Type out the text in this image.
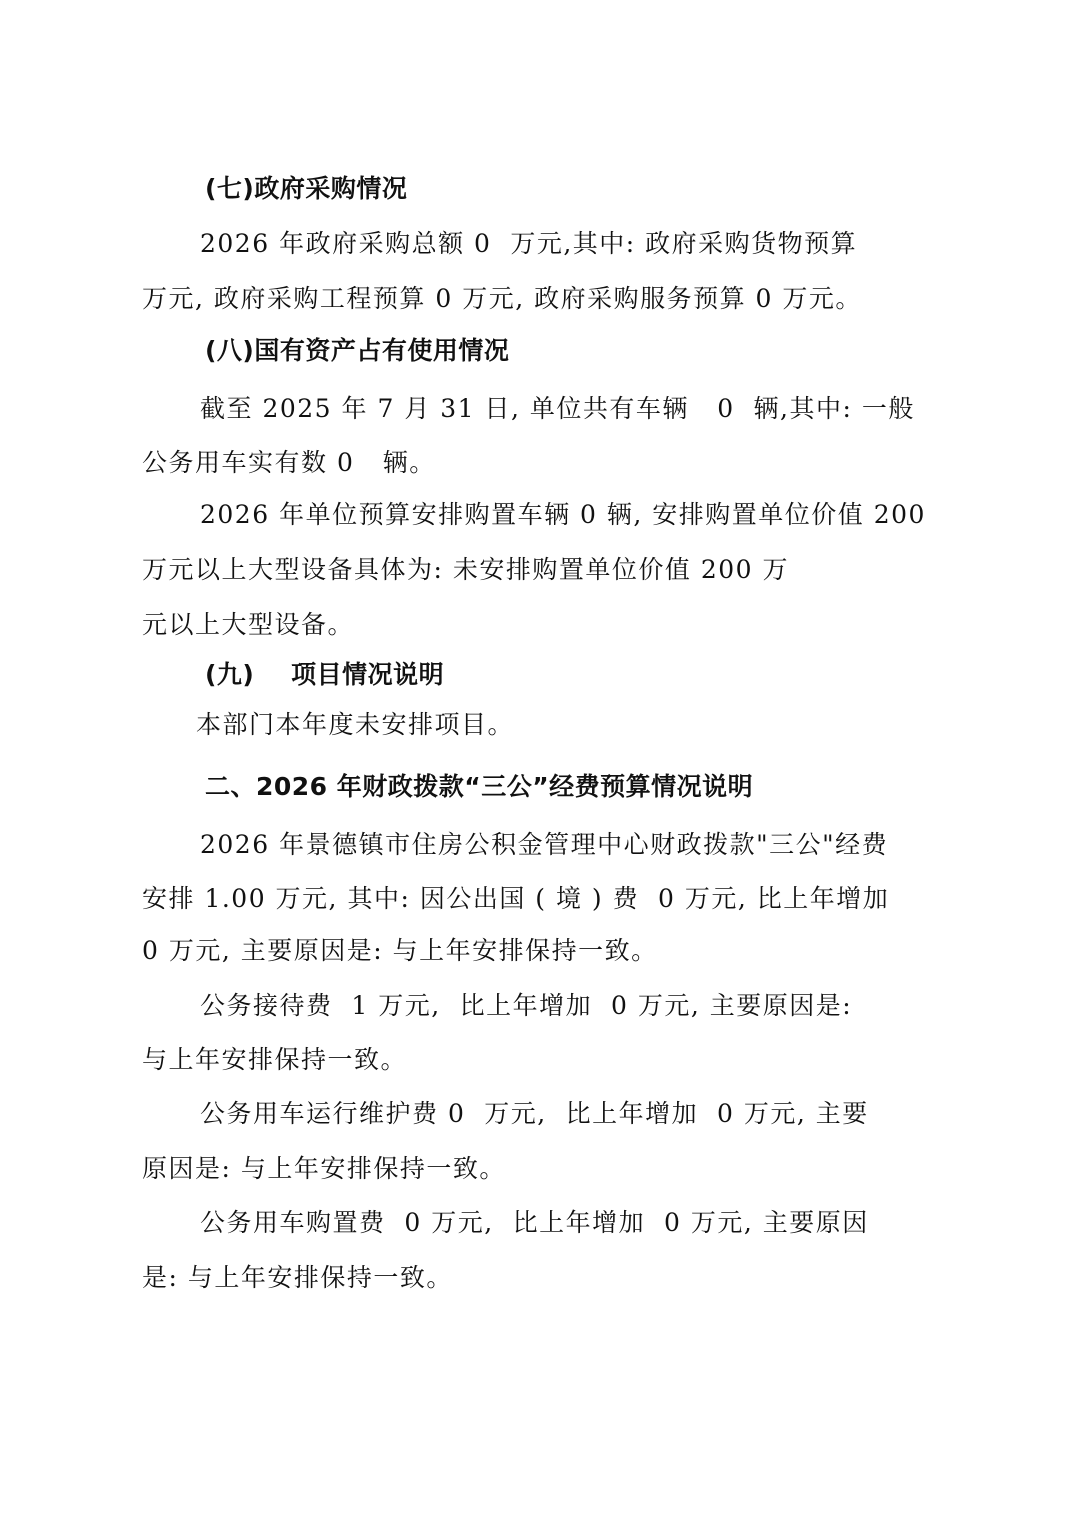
(七)政府采购情况
2026 年政府采购总额 0  万元,其中: 政府采购货物预算
万元, 政府采购工程预算 0 万元, 政府采购服务预算 0 万元。
(八)国有资产占有使用情况
截至 2025 年 7 月 31 日, 单位共有车辆   0  辆,其中: 一般
公务用车实有数 0   辆。
2026 年单位预算安排购置车辆 0 辆, 安排购置单位价值 200
万元以上大型设备具体为: 未安排购置单位价值 200 万
元以上大型设备。
(九)    项目情况说明
本部门本年度未安排项目。
二、2026 年财政拨款“三公”经费预算情况说明
2026 年景德镇市住房公积金管理中心财政拨款"三公"经费
安排 1.00 万元, 其中: 因公出国 ( 境 ) 费  0 万元, 比上年增加
0 万元, 主要原因是: 与上年安排保持一致。
公务接待费  1 万元,  比上年增加  0 万元, 主要原因是:
与上年安排保持一致。
公务用车运行维护费 0  万元,  比上年增加  0 万元, 主要
原因是: 与上年安排保持一致。
公务用车购置费  0 万元,  比上年增加  0 万元, 主要原因
是: 与上年安排保持一致。
